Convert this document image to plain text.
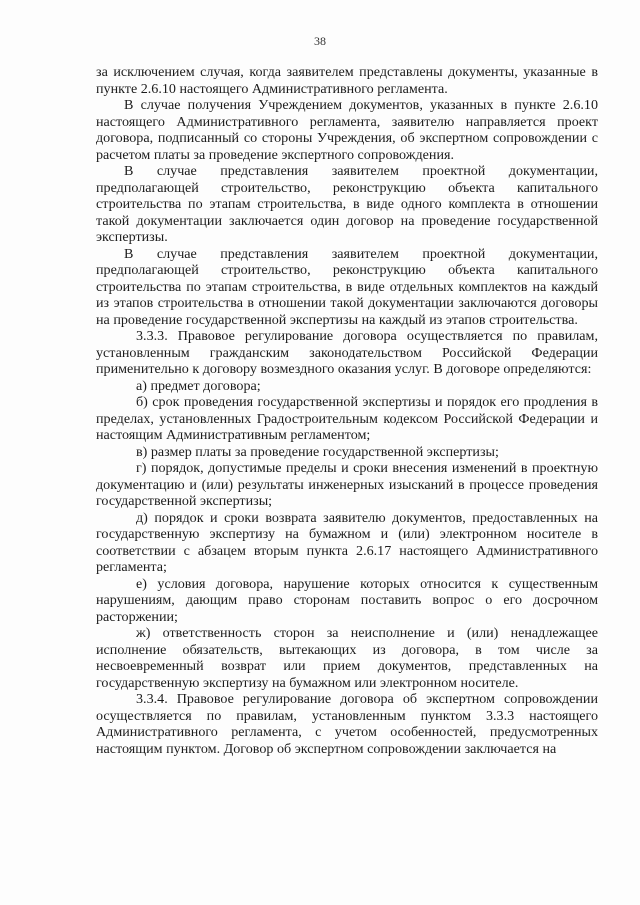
38

за исключением случая, когда заявителем представлены документы, указанные в пункте 2.6.10 настоящего Административного регламента.

В случае получения Учреждением документов, указанных в пункте 2.6.10 настоящего Административного регламента, заявителю направляется проект договора, подписанный со стороны Учреждения, об экспертном сопровождении с расчетом платы за проведение экспертного сопровождения.

В случае представления заявителем проектной документации, предполагающей строительство, реконструкцию объекта капитального строительства по этапам строительства, в виде одного комплекта в отношении такой документации заключается один договор на проведение государственной экспертизы.

В случае представления заявителем проектной документации, предполагающей строительство, реконструкцию объекта капитального строительства по этапам строительства, в виде отдельных комплектов на каждый из этапов строительства в отношении такой документации заключаются договоры на проведение государственной экспертизы на каждый из этапов строительства.

3.3.3. Правовое регулирование договора осуществляется по правилам, установленным гражданским законодательством Российской Федерации применительно к договору возмездного оказания услуг. В договоре определяются:

а) предмет договора;

б) срок проведения государственной экспертизы и порядок его продления в пределах, установленных Градостроительным кодексом Российской Федерации и настоящим Административным регламентом;

в) размер платы за проведение государственной экспертизы;

г) порядок, допустимые пределы и сроки внесения изменений в проектную документацию и (или) результаты инженерных изысканий в процессе проведения государственной экспертизы;

д) порядок и сроки возврата заявителю документов, предоставленных на государственную экспертизу на бумажном и (или) электронном носителе в соответствии с абзацем вторым пункта 2.6.17 настоящего Административного регламента;

е) условия договора, нарушение которых относится к существенным нарушениям, дающим право сторонам поставить вопрос о его досрочном расторжении;

ж) ответственность сторон за неисполнение и (или) ненадлежащее исполнение обязательств, вытекающих из договора, в том числе за несвоевременный возврат или прием документов, представленных на государственную экспертизу на бумажном или электронном носителе.

3.3.4. Правовое регулирование договора об экспертном сопровождении осуществляется по правилам, установленным пунктом 3.3.3 настоящего Административного регламента, с учетом особенностей, предусмотренных настоящим пунктом. Договор об экспертном сопровождении заключается на
